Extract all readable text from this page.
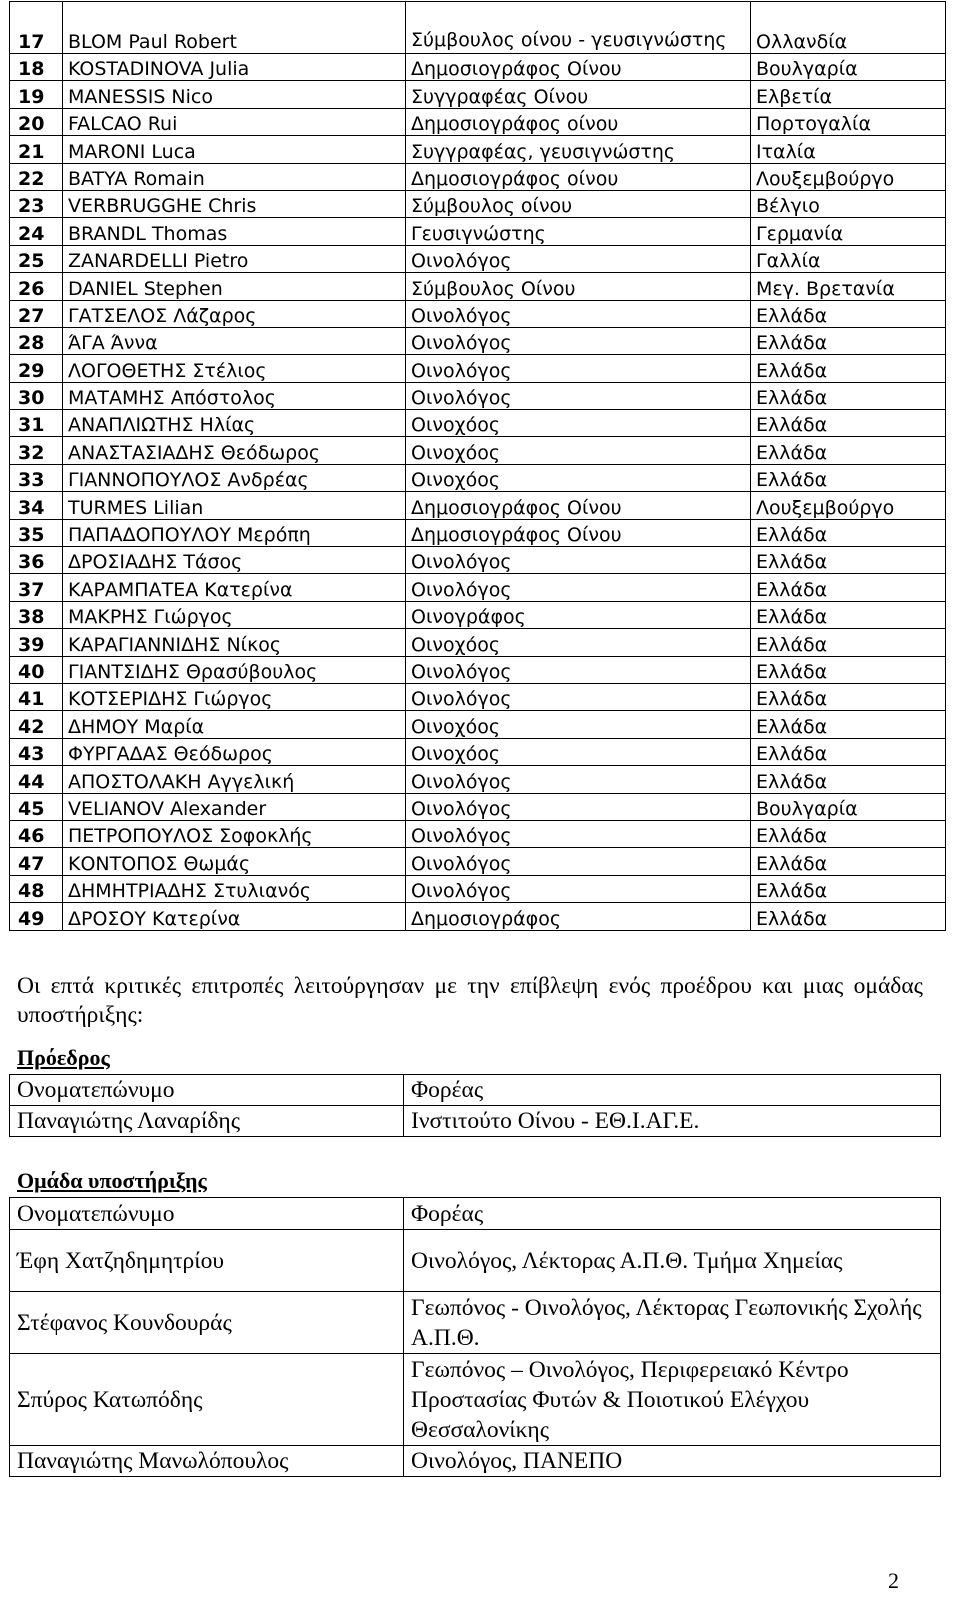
17	BLOM Paul Robert	Σύμβουλος οίνου - γευσιγνώστης	Ολλανδία
18	KOSTADINOVA Julia	Δημοσιογράφος Οίνου	Βουλγαρία
19	MANESSIS Nico	Συγγραφέας Οίνου	Ελβετία
20	FALCAO Rui	Δημοσιογράφος οίνου	Πορτογαλία
21	MARONI Luca	Συγγραφέας, γευσιγνώστης	Ιταλία
22	BATYA Romain	Δημοσιογράφος οίνου	Λουξεμβούργο
23	VERBRUGGHE Chris	Σύμβουλος οίνου	Βέλγιο
24	BRANDL Thomas	Γευσιγνώστης	Γερμανία
25	ZANARDELLI Pietro	Οινολόγος	Γαλλία
26	DANIEL Stephen	Σύμβουλος Οίνου	Μεγ. Βρετανία
27	ΓΑΤΣΕΛΟΣ Λάζαρος	Οινολόγος	Ελλάδα
28	ΆΓΑ Άννα	Οινολόγος	Ελλάδα
29	ΛΟΓΟΘΕΤΗΣ Στέλιος	Οινολόγος	Ελλάδα
30	ΜΑΤΑΜΗΣ Απόστολος	Οινολόγος	Ελλάδα
31	ΑΝΑΠΛΙΩΤΗΣ Ηλίας	Οινοχόος	Ελλάδα
32	ΑΝΑΣΤΑΣΙΑΔΗΣ Θεόδωρος	Οινοχόος	Ελλάδα
33	ΓΙΑΝΝΟΠΟΥΛΟΣ Ανδρέας	Οινοχόος	Ελλάδα
34	TURMES Lilian	Δημοσιογράφος Οίνου	Λουξεμβούργο
35	ΠΑΠΑΔΟΠΟΥΛΟΥ Μερόπη	Δημοσιογράφος Οίνου	Ελλάδα
36	ΔΡΟΣΙΑΔΗΣ Τάσος	Οινολόγος	Ελλάδα
37	ΚΑΡΑΜΠΑΤΕΑ Κατερίνα	Οινολόγος	Ελλάδα
38	ΜΑΚΡΗΣ Γιώργος	Οινογράφος	Ελλάδα
39	ΚΑΡΑΓΙΑΝΝΙΔΗΣ Νίκος	Οινοχόος	Ελλάδα
40	ΓΙΑΝΤΣΙΔΗΣ Θρασύβουλος	Οινολόγος	Ελλάδα
41	ΚΟΤΣΕΡΙΔΗΣ Γιώργος	Οινολόγος	Ελλάδα
42	ΔΗΜΟΥ Μαρία	Οινοχόος	Ελλάδα
43	ΦΥΡΓΑΔΑΣ Θεόδωρος	Οινοχόος	Ελλάδα
44	ΑΠΟΣΤΟΛΑΚΗ Αγγελική	Οινολόγος	Ελλάδα
45	VELIANOV Alexander	Οινολόγος	Βουλγαρία
46	ΠΕΤΡΟΠΟΥΛΟΣ Σοφοκλής	Οινολόγος	Ελλάδα
47	ΚΟΝΤΟΠΟΣ Θωμάς	Οινολόγος	Ελλάδα
48	ΔΗΜΗΤΡΙΑΔΗΣ Στυλιανός	Οινολόγος	Ελλάδα
49	ΔΡΟΣΟΥ Κατερίνα	Δημοσιογράφος	Ελλάδα

Οι επτά κριτικές επιτροπές λειτούργησαν με την επίβλεψη ενός προέδρου και μιας ομάδας υποστήριξης:

Πρόεδρος

Ονοματεπώνυμο	Φορέας
Παναγιώτης Λαναρίδης	Ινστιτούτο Οίνου - ΕΘ.Ι.ΑΓ.Ε.

Ομάδα υποστήριξης

Ονοματεπώνυμο	Φορέας
Έφη Χατζηδημητρίου	Οινολόγος, Λέκτορας Α.Π.Θ. Τμήμα Χημείας
Στέφανος Κουνδουράς	Γεωπόνος - Οινολόγος, Λέκτορας Γεωπονικής Σχολής Α.Π.Θ.
Σπύρος Κατωπόδης	Γεωπόνος – Οινολόγος, Περιφερειακό Κέντρο Προστασίας Φυτών & Ποιοτικού Ελέγχου Θεσσαλονίκης
Παναγιώτης Μανωλόπουλος	Οινολόγος, ΠΑΝΕΠΟ

2
